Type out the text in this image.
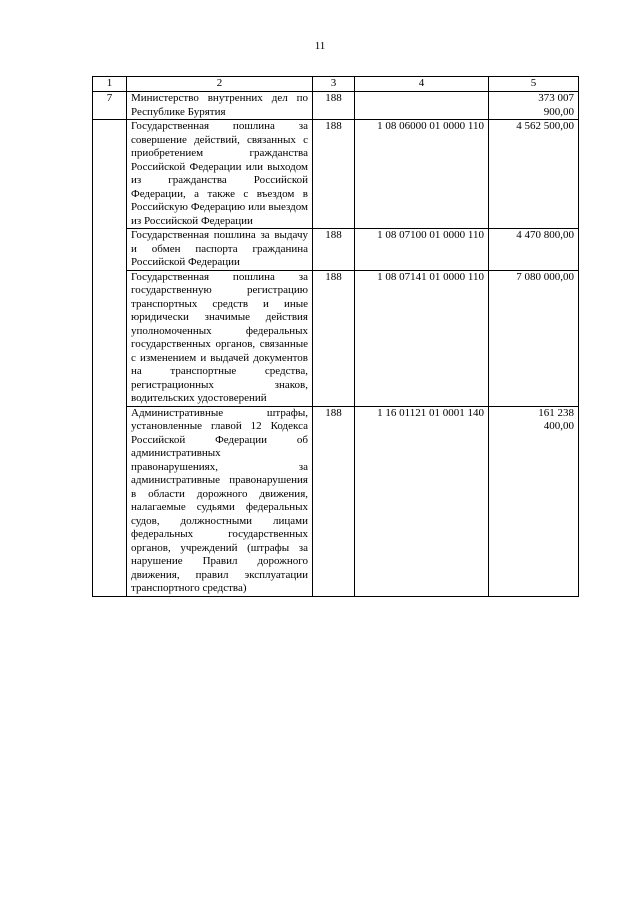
11
1	2	3	4	5
7	Министерство внутренних дел по Республике Бурятия	188		373 007
900,00

	Государственная пошлина за совершение действий, связанных с приобретением гражданства Российской Федерации или выходом из гражданства Российской Федерации, а также с въездом в Российскую Федерацию или выездом из Российской Федерации	188	1 08 06000 01 0000 110	4 562 500,00

	Государственная пошлина за выдачу и обмен паспорта гражданина Российской Федерации	188	1 08 07100 01 0000 110	4 470 800,00

	Государственная пошлина за государственную регистрацию транспортных средств и иные юридически значимые действия уполномоченных федеральных государственных органов, связанные с изменением и выдачей документов на транспортные средства, регистрационных знаков, водительских удостоверений	188	1 08 07141 01 0000 110	7 080 000,00

	Административные штрафы, установленные главой 12 Кодекса Российской Федерации об административных правонарушениях, за административные правонарушения в области дорожного движения, налагаемые судьями федеральных судов, должностными лицами федеральных государственных органов, учреждений (штрафы за нарушение Правил дорожного движения, правил эксплуатации транспортного средства)	188	1 16 01121 01 0001 140	161 238
400,00
